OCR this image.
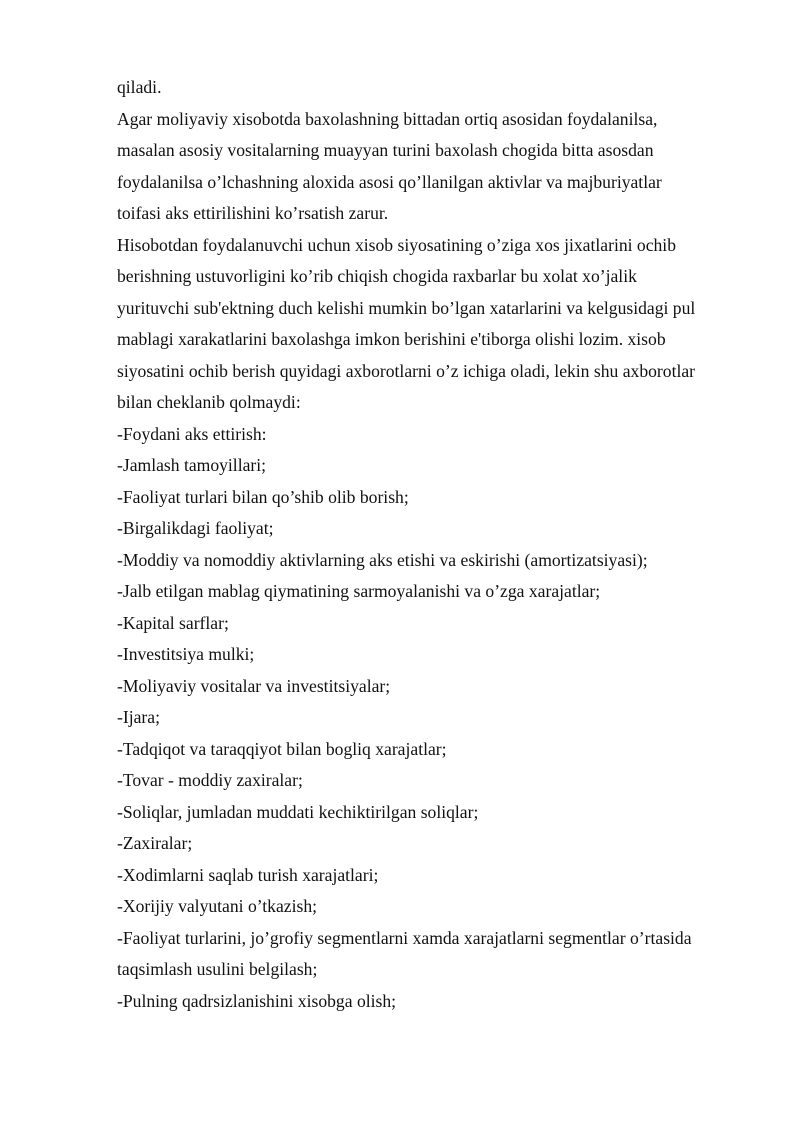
qiladi.

Agar moliyaviy xisobotda baxolashning bittadan ortiq asosidan foydalanilsa,

masalan asosiy vositalarning muayyan turini baxolash chogida bitta asosdan

foydalanilsa o’lchashning aloxida asosi qo’llanilgan aktivlar va majburiyatlar

toifasi aks ettirilishini ko’rsatish zarur.

Hisobotdan foydalanuvchi uchun xisob siyosatining o’ziga xos jixatlarini ochib

berishning ustuvorligini ko’rib chiqish chogida raxbarlar bu xolat xo’jalik

yurituvchi sub'ektning duch kelishi mumkin bo’lgan xatarlarini va kelgusidagi pul

mablagi xarakatlarini baxolashga imkon berishini e'tiborga olishi lozim. xisob

siyosatini ochib berish quyidagi axborotlarni o’z ichiga oladi, lekin shu axborotlar

bilan cheklanib qolmaydi:

-Foydani aks ettirish:

-Jamlash tamoyillari;

-Faoliyat turlari bilan qo’shib olib borish;

-Birgalikdagi faoliyat;

-Moddiy va nomoddiy aktivlarning aks etishi va eskirishi (amortizatsiyasi);

-Jalb etilgan mablag qiymatining sarmoyalanishi va o’zga xarajatlar;

-Kapital sarflar;

-Investitsiya mulki;

-Moliyaviy vositalar va investitsiyalar;

-Ijara;

-Tadqiqot va taraqqiyot bilan bogliq xarajatlar;

-Tovar - moddiy zaxiralar;

-Soliqlar, jumladan muddati kechiktirilgan soliqlar;

-Zaxiralar;

-Xodimlarni saqlab turish xarajatlari;

-Xorijiy valyutani o’tkazish;

-Faoliyat turlarini, jo’grofiy segmentlarni xamda xarajatlarni segmentlar o’rtasida

taqsimlash usulini belgilash;

-Pulning qadrsizlanishini xisobga olish;
